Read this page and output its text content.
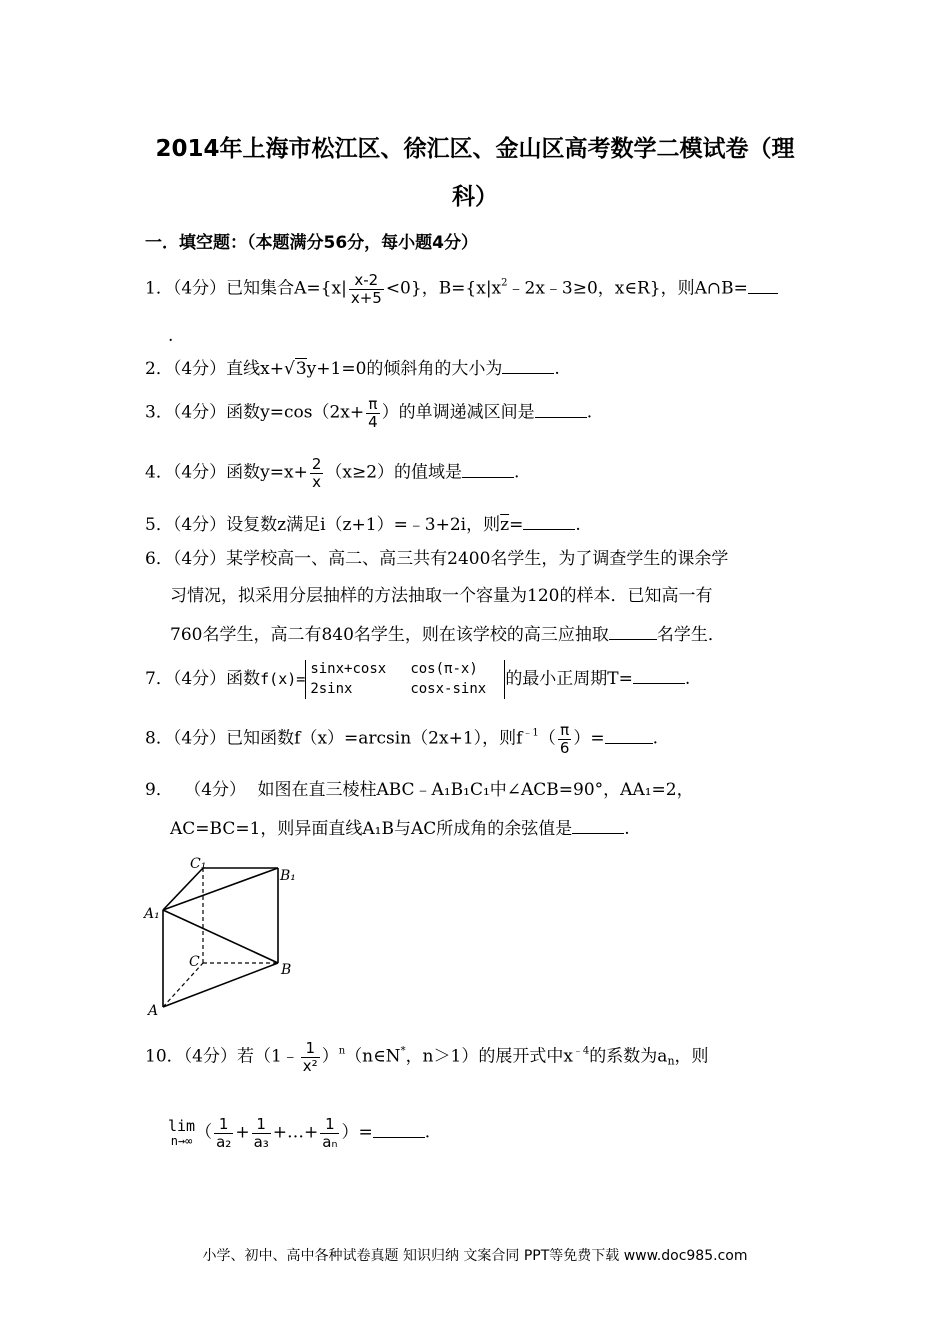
2014年上海市松江区、徐汇区、金山区高考数学二模试卷（理
科）
一．填空题：（本题满分56分，每小题4分）
1．（4分）已知集合$A=\{x| \frac{x-2}{x+5} <0\}$，$B=\{x|x^2﹣2x﹣3\ge 0$，x∈R}，则A∩B=
.
2．（4分）直线x+√3y+1=0的倾斜角的大小为	.
3．（4分）函数$y=\cos(2x+ \frac{\pi}{4}$ ）的单调递减区间是	.
4．（4分）函数$y=x+ \frac{2}{x} (x\ge 2)$的值域是	.
5．（4分）设复数z满足i（z+1）=﹣3+2i，则$\overline{z}=$	.
6．（4分）某学校高一、高二、高三共有2400名学生，为了调查学生的课余学
习情况，拟采用分层抽样的方法抽取一个容量为120的样本．已知高一有
760名学生，高二有840名学生，则在该学校的高三应抽取	名学生．
7．（4分）函数f(x)=
sinx+cosx	cos(π-x)
2sinx	cosx-sinx	的最小正周期T=	.
8．（4分）已知函数f（x）=arcsin（2x+1），则$f^{﹣1}( \frac{\pi}{6}$ ）=	.
9． （4分） 如图在直三棱柱ABC﹣A₁B₁C₁中∠ACB=90°，AA₁=2，
AC=BC=1，则异面直线A₁B与AC所成角的余弦值是	.
C₁
B₁
A₁
C	B
A
10．（4分）若（1﹣ $\frac{1}{\text{x²}}$ ）$^n$（n∈N*，n＞1）的展开式中$x^{﹣4}$的系数为$a_n$，则
lim
n→∞ （ $\frac{1}{\text{a₂}} + \frac{1}{\text{a₃}}$ +…+ $\frac{1}{\text{aₙ}}$ ）=	.
小学、初中、高中各种试卷真题 知识归纳 文案合同 PPT等免费下载 www.doc985.com
